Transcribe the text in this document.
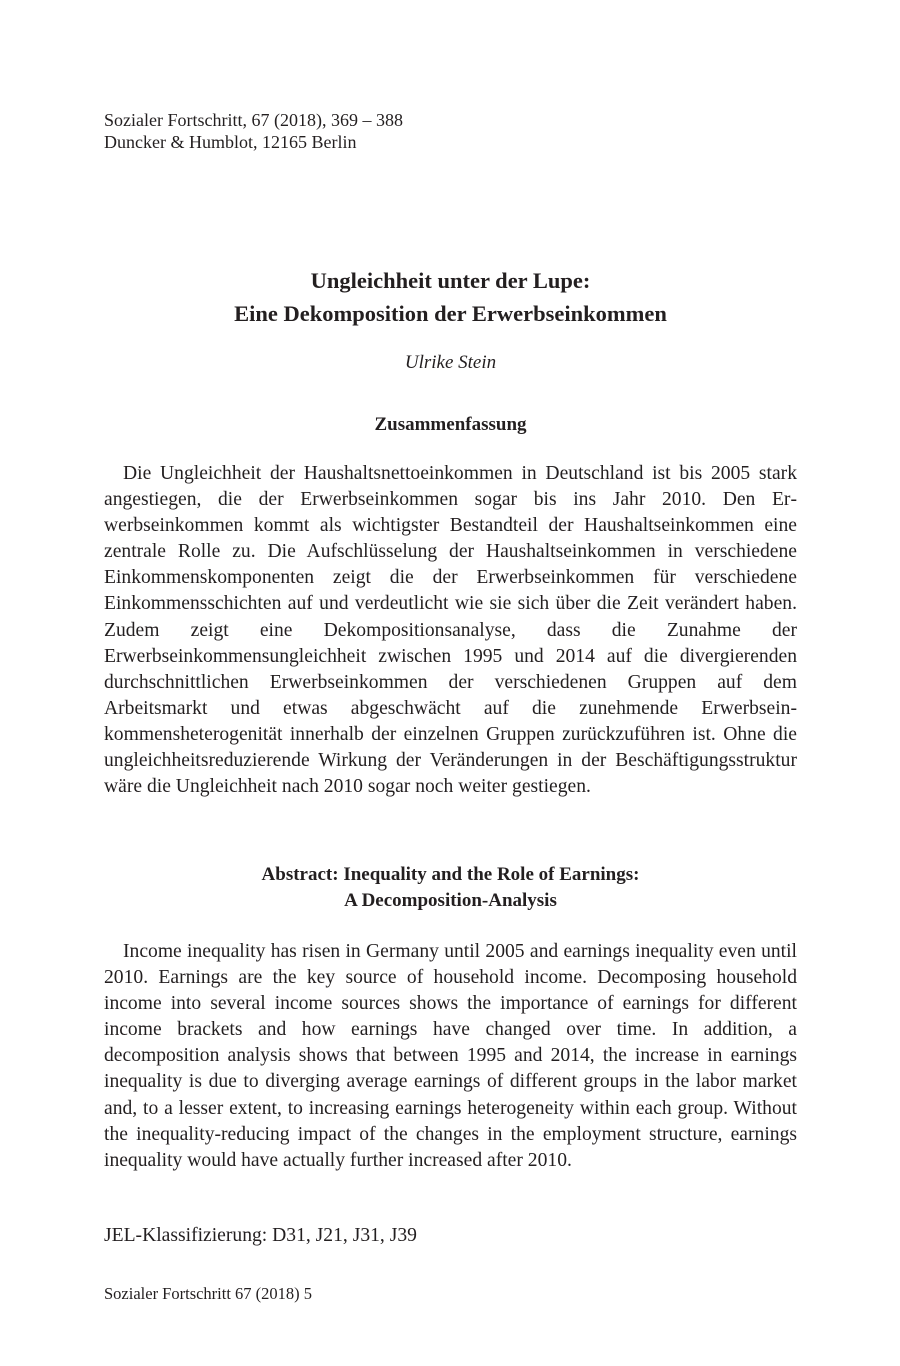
Sozialer Fortschritt, 67 (2018), 369 – 388
Duncker & Humblot, 12165 Berlin
Ungleichheit unter der Lupe:
Eine Dekomposition der Erwerbseinkommen
Ulrike Stein
Zusammenfassung
Die Ungleichheit der Haushaltsnettoeinkommen in Deutschland ist bis 2005 stark angestiegen, die der Erwerbseinkommen sogar bis ins Jahr 2010. Den Erwerbseinkommen kommt als wichtigster Bestandteil der Haushaltseinkommen eine zentrale Rolle zu. Die Aufschlüsselung der Haushaltseinkommen in verschiedene Einkommenskomponenten zeigt die der Erwerbseinkommen für verschiedene Einkommensschichten auf und verdeutlicht wie sie sich über die Zeit verändert haben. Zudem zeigt eine Dekompositionsanalyse, dass die Zunahme der Erwerbseinkommensungleichheit zwischen 1995 und 2014 auf die divergierenden durchschnittlichen Erwerbseinkommen der verschiedenen Gruppen auf dem Arbeitsmarkt und etwas abgeschwächt auf die zunehmende Erwerbseinkommensheterogenität innerhalb der einzelnen Gruppen zurückzuführen ist. Ohne die ungleichheitsreduzierende Wirkung der Veränderungen in der Beschäftigungsstruktur wäre die Ungleichheit nach 2010 sogar noch weiter gestiegen.
Abstract: Inequality and the Role of Earnings:
A Decomposition-Analysis
Income inequality has risen in Germany until 2005 and earnings inequality even until 2010. Earnings are the key source of household income. Decomposing household income into several income sources shows the importance of earnings for different income brackets and how earnings have changed over time. In addition, a decomposition analysis shows that between 1995 and 2014, the increase in earnings inequality is due to diverging average earnings of different groups in the labor market and, to a lesser extent, to increasing earnings heterogeneity within each group. Without the inequality-reducing impact of the changes in the employment structure, earnings inequality would have actually further increased after 2010.
JEL-Klassifizierung: D31, J21, J31, J39
Sozialer Fortschritt 67 (2018) 5
